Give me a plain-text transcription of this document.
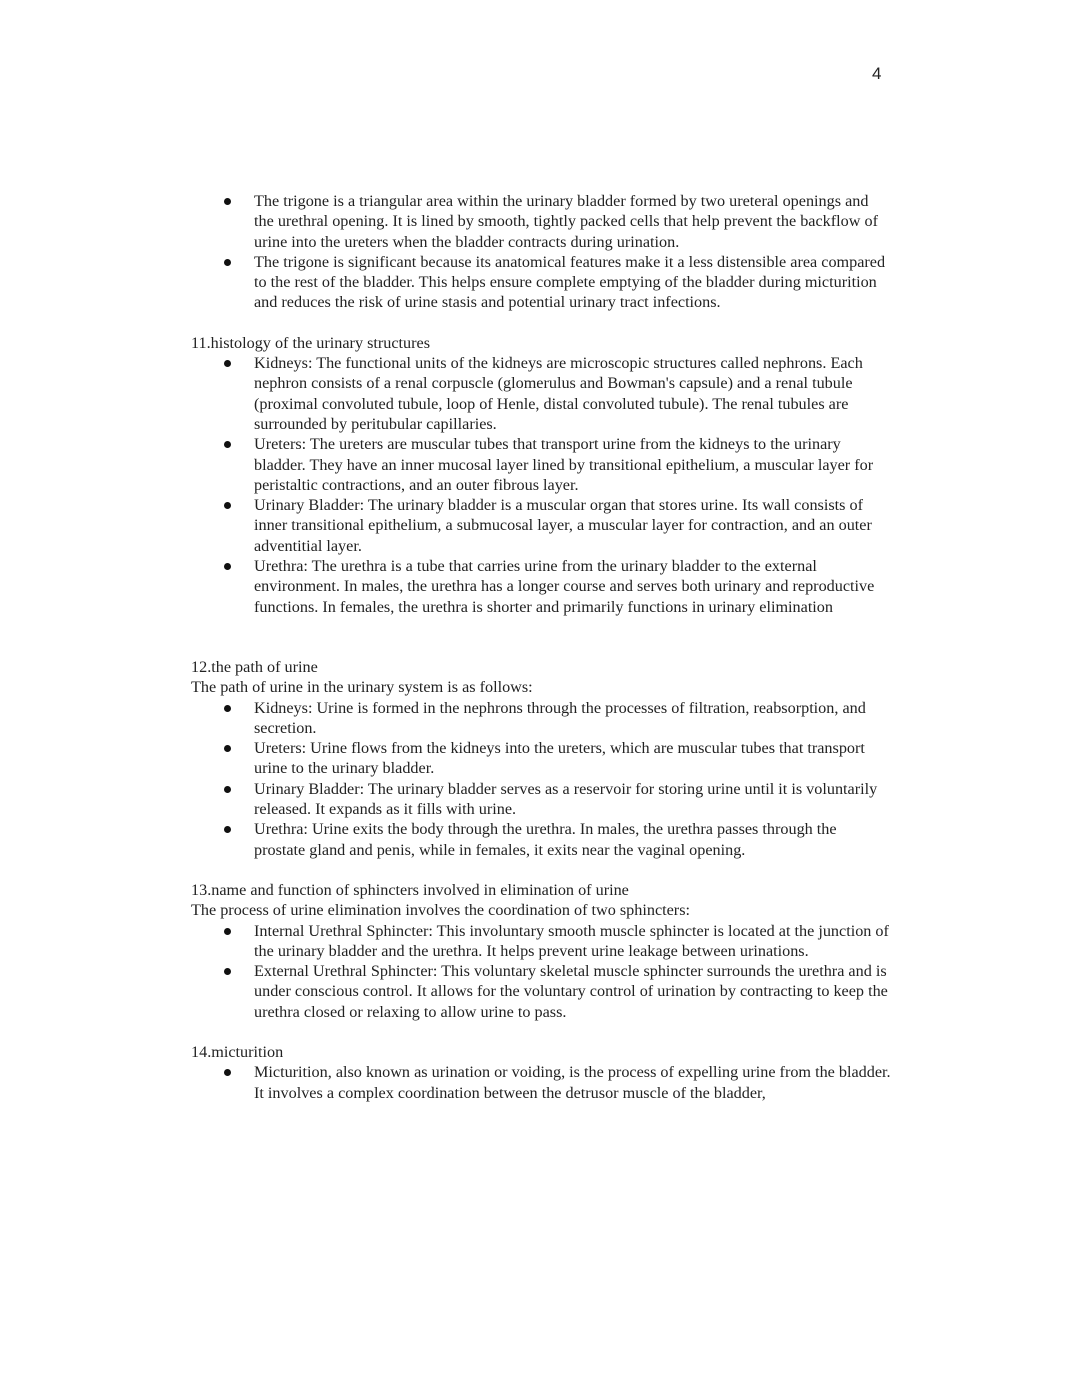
4
The trigone is a triangular area within the urinary bladder formed by two ureteral openings and the urethral opening. It is lined by smooth, tightly packed cells that help prevent the backflow of urine into the ureters when the bladder contracts during urination.
The trigone is significant because its anatomical features make it a less distensible area compared to the rest of the bladder. This helps ensure complete emptying of the bladder during micturition and reduces the risk of urine stasis and potential urinary tract infections.

11.histology of the urinary structures

Kidneys: The functional units of the kidneys are microscopic structures called nephrons. Each nephron consists of a renal corpuscle (glomerulus and Bowman's capsule) and a renal tubule (proximal convoluted tubule, loop of Henle, distal convoluted tubule). The renal tubules are surrounded by peritubular capillaries.
Ureters: The ureters are muscular tubes that transport urine from the kidneys to the urinary bladder. They have an inner mucosal layer lined by transitional epithelium, a muscular layer for peristaltic contractions, and an outer fibrous layer.
Urinary Bladder: The urinary bladder is a muscular organ that stores urine. Its wall consists of inner transitional epithelium, a submucosal layer, a muscular layer for contraction, and an outer adventitial layer.
Urethra: The urethra is a tube that carries urine from the urinary bladder to the external environment. In males, the urethra has a longer course and serves both urinary and reproductive functions. In females, the urethra is shorter and primarily functions in urinary elimination

12.the path of urine

The path of urine in the urinary system is as follows:

Kidneys: Urine is formed in the nephrons through the processes of filtration, reabsorption, and secretion.
Ureters: Urine flows from the kidneys into the ureters, which are muscular tubes that transport urine to the urinary bladder.
Urinary Bladder: The urinary bladder serves as a reservoir for storing urine until it is voluntarily released. It expands as it fills with urine.
Urethra: Urine exits the body through the urethra. In males, the urethra passes through the prostate gland and penis, while in females, it exits near the vaginal opening.

13.name and function of sphincters involved in elimination of urine

The process of urine elimination involves the coordination of two sphincters:

Internal Urethral Sphincter: This involuntary smooth muscle sphincter is located at the junction of the urinary bladder and the urethra. It helps prevent urine leakage between urinations.
External Urethral Sphincter: This voluntary skeletal muscle sphincter surrounds the urethra and is under conscious control. It allows for the voluntary control of urination by contracting to keep the urethra closed or relaxing to allow urine to pass.

14.micturition

Micturition, also known as urination or voiding, is the process of expelling urine from the bladder. It involves a complex coordination between the detrusor muscle of the bladder,
